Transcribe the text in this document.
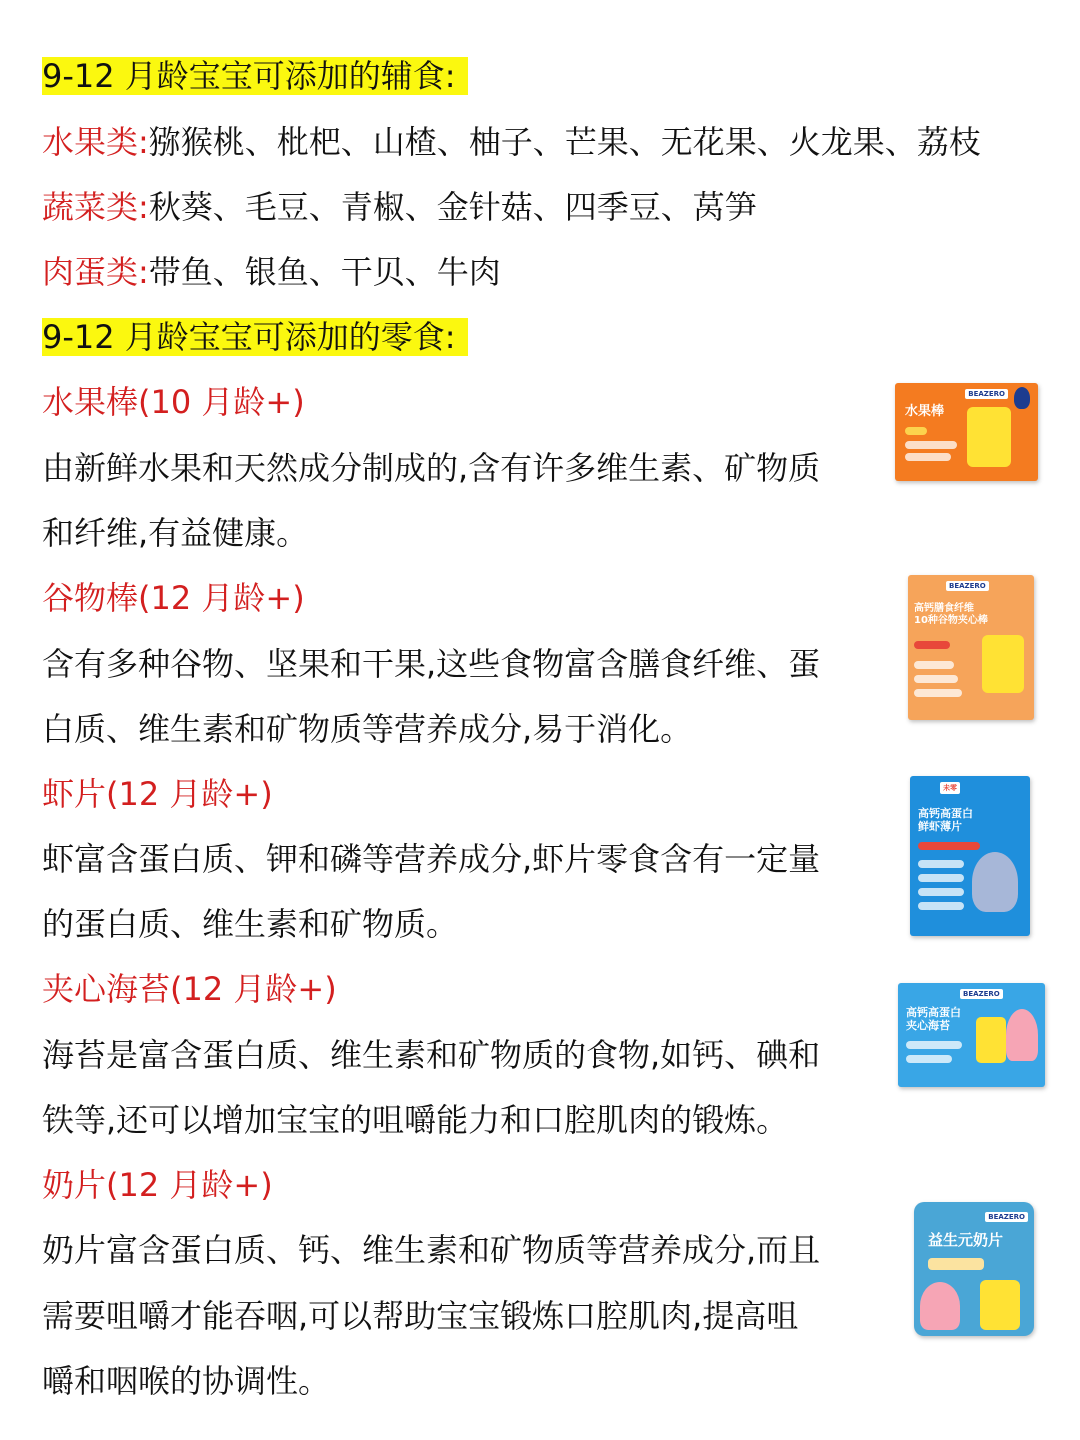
9-12 月龄宝宝可添加的辅食:
水果类:猕猴桃、枇杷、山楂、柚子、芒果、无花果、火龙果、荔枝
蔬菜类:秋葵、毛豆、青椒、金针菇、四季豆、莴笋
肉蛋类:带鱼、银鱼、干贝、牛肉
9-12 月龄宝宝可添加的零食:
水果棒(10 月龄+)
由新鲜水果和天然成分制成的,含有许多维生素、矿物质
和纤维,有益健康。
谷物棒(12 月龄+)
含有多种谷物、坚果和干果,这些食物富含膳食纤维、蛋
白质、维生素和矿物质等营养成分,易于消化。
虾片(12 月龄+)
虾富含蛋白质、钾和磷等营养成分,虾片零食含有一定量
的蛋白质、维生素和矿物质。
夹心海苔(12 月龄+)
海苔是富含蛋白质、维生素和矿物质的食物,如钙、碘和
铁等,还可以增加宝宝的咀嚼能力和口腔肌肉的锻炼。
奶片(12 月龄+)
奶片富含蛋白质、钙、维生素和矿物质等营养成分,而且
需要咀嚼才能吞咽,可以帮助宝宝锻炼口腔肌肉,提高咀
嚼和咽喉的协调性。
BEAZERO
水果棒
BEAZERO
高钙膳食纤维
10种谷物夹心棒
未零
高钙高蛋白
鲜虾薄片
BEAZERO
高钙高蛋白
夹心海苔
BEAZERO
益生元奶片
